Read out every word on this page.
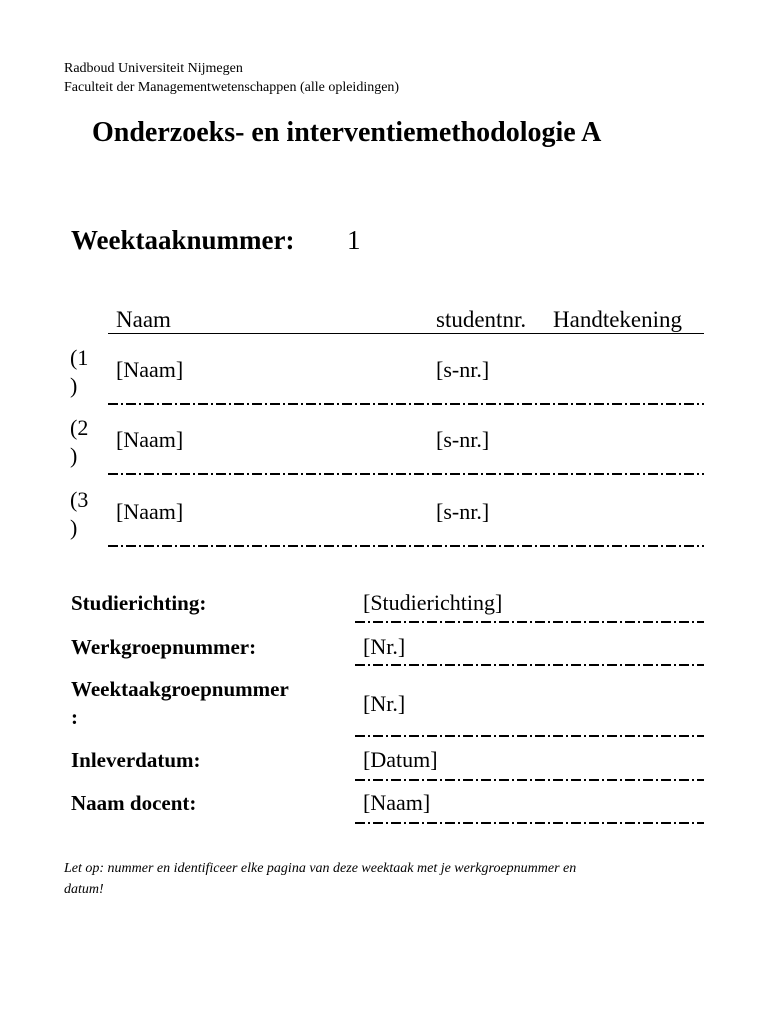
Radboud Universiteit Nijmegen
Faculteit der Managementwetenschappen (alle opleidingen)
Onderzoeks- en interventiemethodologie A
Weektaaknummer: 1
Naam	studentnr. Handtekening
(1
)
[Naam]	[s-nr.]
(2
)
[Naam]	[s-nr.]
(3
)
[Naam]	[s-nr.]
Studierichting:	[Studierichting]
Werkgroepnummer:	[Nr.]
Weektaakgroepnummer
:
[Nr.]
Inleverdatum:	[Datum]
Naam docent:	[Naam]
Let op: nummer en identificeer elke pagina van deze weektaak met je werkgroepnummer en datum!
